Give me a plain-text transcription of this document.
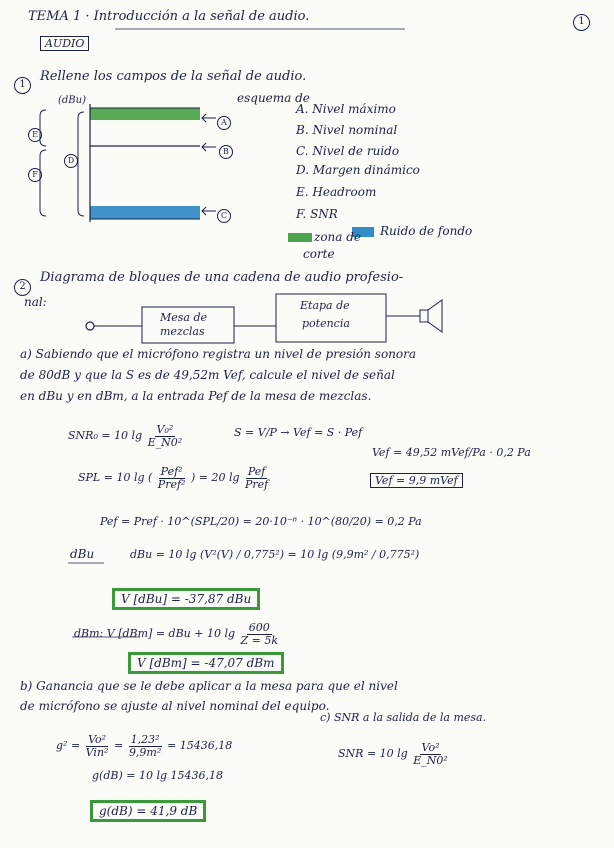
TEMA 1 · Introducción a la señal de audio.
AUDIO
1
1
Rellene los campos de la señal de audio.
esquema de
(dBu)
E
F
D
A
B
C
A. Nivel máximo
B. Nivel nominal
C. Nivel de ruido
D. Margen dinámico
E. Headroom
F. SNR
zona de
corte
Ruido de fondo
2
Diagrama de bloques de una cadena de audio profesio-
nal:
Mesa de
mezclas
Etapa de
potencia
a) Sabiendo que el micrófono registra un nivel de presión sonora
de 80dB y que la S es de 49,52m Vef, calcule el nivel de señal
en dBu y en dBm, a la entrada Pef de la mesa de mezclas.
SNR₀ = 10 $\lg \frac{\text{V₀²}}{\text{E\_N0²}}$	S = V/P → Vef = S · Pef
SPL = 10 lg ( $\frac{\text{Pef²}}{\text{Pref²}}$ ) = 20 $\lg \frac{\text{Pef}}{\text{Pref}}$
Vef = 49,52 mVef/Pa · 0,2 Pa
Vef = 9,9 mVef
Pef = Pref · 10^(SPL/20) = 20·10⁻⁶ · 10^(80/20) = 0,2 Pa
dBu	dBu = 10 lg (V²(V) / 0,775²) = 10 lg (9,9m² / 0,775²)
V [dBu] = -37,87 dBu
dBm: V [dBm] = dBu + 10 $\lg \frac{600}{Z = 5k}$
V [dBm] = -47,07 dBm
b) Ganancia que se le debe aplicar a la mesa para que el nivel
de micrófono se ajuste al nivel nominal del equipo.
c) SNR a la salida de la mesa.
$g^2 = \frac{\text{Vo²}}{\text{Vin²}} = \frac{\text{1,23²}}{\text{9,9m²}} = 15436,18$
SNR = 10 $\lg \frac{\text{Vo²}}{\text{E\_N0²}}$
g(dB) = 10 lg 15436,18
g(dB) = 41,9 dB
